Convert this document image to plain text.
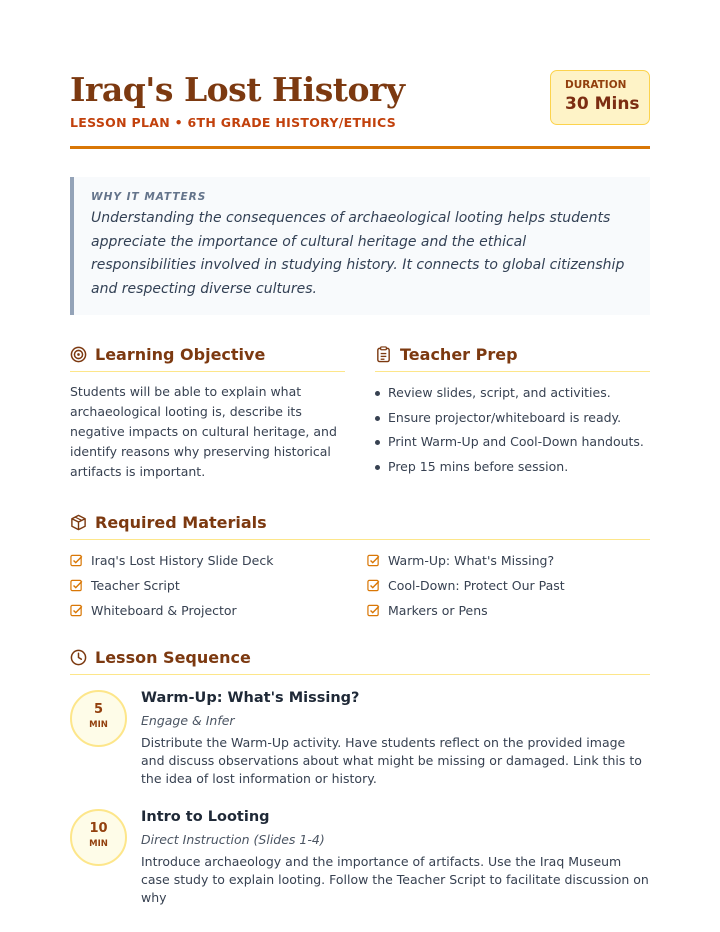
Iraq's Lost History
LESSON PLAN • 6TH GRADE HISTORY/ETHICS
DURATION
30 Mins
WHY IT MATTERS
Understanding the consequences of archaeological looting helps students appreciate the importance of cultural heritage and the ethical responsibilities involved in studying history. It connects to global citizenship and respecting diverse cultures.
Learning Objective
Students will be able to explain what archaeological looting is, describe its negative impacts on cultural heritage, and identify reasons why preserving historical artifacts is important.
Teacher Prep
Review slides, script, and activities.
Ensure projector/whiteboard is ready.
Print Warm-Up and Cool-Down handouts.
Prep 15 mins before session.
Required Materials
Iraq's Lost History Slide Deck	Warm-Up: What's Missing?
Teacher Script	Cool-Down: Protect Our Past
Whiteboard & Projector	Markers or Pens
Lesson Sequence
5
MIN
Warm-Up: What's Missing?
Engage & Infer
Distribute the Warm-Up activity. Have students reflect on the provided image and discuss observations about what might be missing or damaged. Link this to the idea of lost information or history.
10
MIN
Intro to Looting
Direct Instruction (Slides 1-4)
Introduce archaeology and the importance of artifacts. Use the Iraq Museum case study to explain looting. Follow the Teacher Script to facilitate discussion on why
